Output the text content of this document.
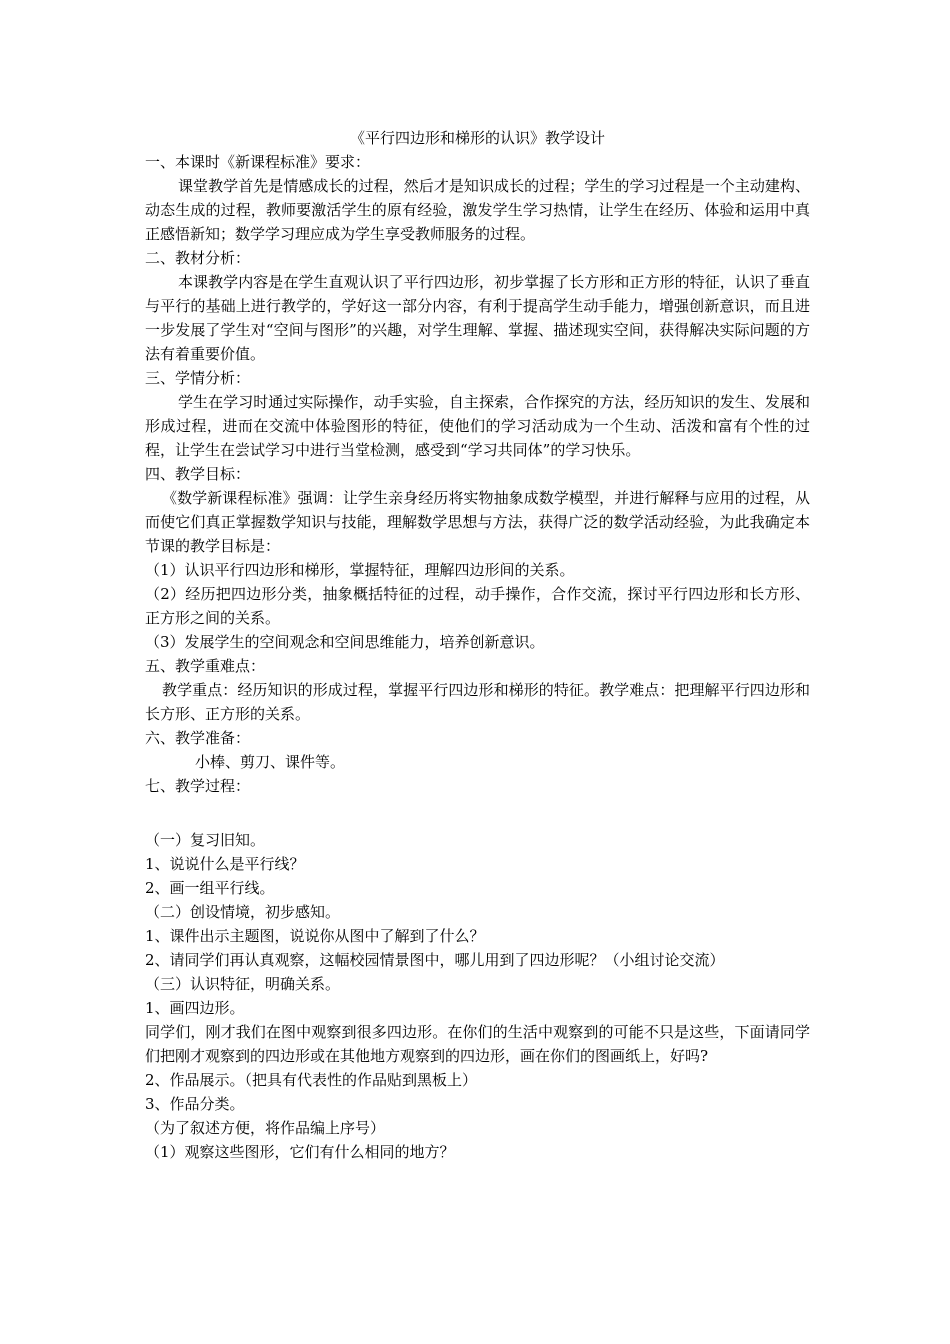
《平行四边形和梯形的认识》教学设计

一、本课时《新课程标准》要求：

课堂教学首先是情感成长的过程，然后才是知识成长的过程；学生的学习过程是一个主动建构、动态生成的过程，教师要激活学生的原有经验，激发学生学习热情，让学生在经历、体验和运用中真正感悟新知；数学学习理应成为学生享受教师服务的过程。

二、教材分析：

本课教学内容是在学生直观认识了平行四边形，初步掌握了长方形和正方形的特征，认识了垂直与平行的基础上进行教学的，学好这一部分内容，有利于提高学生动手能力，增强创新意识，而且进一步发展了学生对“空间与图形”的兴趣，对学生理解、掌握、描述现实空间，获得解决实际问题的方法有着重要价值。

三、学情分析：

学生在学习时通过实际操作，动手实验，自主探索，合作探究的方法，经历知识的发生、发展和形成过程，进而在交流中体验图形的特征，使他们的学习活动成为一个生动、活泼和富有个性的过程，让学生在尝试学习中进行当堂检测，感受到“学习共同体”的学习快乐。

四、教学目标：

《数学新课程标准》强调：让学生亲身经历将实物抽象成数学模型，并进行解释与应用的过程，从而使它们真正掌握数学知识与技能，理解数学思想与方法，获得广泛的数学活动经验，为此我确定本节课的教学目标是：

（1）认识平行四边形和梯形，掌握特征，理解四边形间的关系。

（2）经历把四边形分类，抽象概括特征的过程，动手操作，合作交流，探讨平行四边形和长方形、正方形之间的关系。

（3）发展学生的空间观念和空间思维能力，培养创新意识。

五、教学重难点：

教学重点：经历知识的形成过程，掌握平行四边形和梯形的特征。教学难点：把理解平行四边形和长方形、正方形的关系。

六、教学准备：

小棒、剪刀、课件等。

七、教学过程：

（一）复习旧知。

1、说说什么是平行线？

2、画一组平行线。

（二）创设情境，初步感知。

1、课件出示主题图，说说你从图中了解到了什么？

2、请同学们再认真观察，这幅校园情景图中，哪儿用到了四边形呢？（小组讨论交流）

（三）认识特征，明确关系。

1、画四边形。

同学们，刚才我们在图中观察到很多四边形。在你们的生活中观察到的可能不只是这些，下面请同学们把刚才观察到的四边形或在其他地方观察到的四边形，画在你们的图画纸上，好吗?

2、作品展示。（把具有代表性的作品贴到黑板上）

3、作品分类。

（为了叙述方便，将作品编上序号）

（1）观察这些图形，它们有什么相同的地方？
